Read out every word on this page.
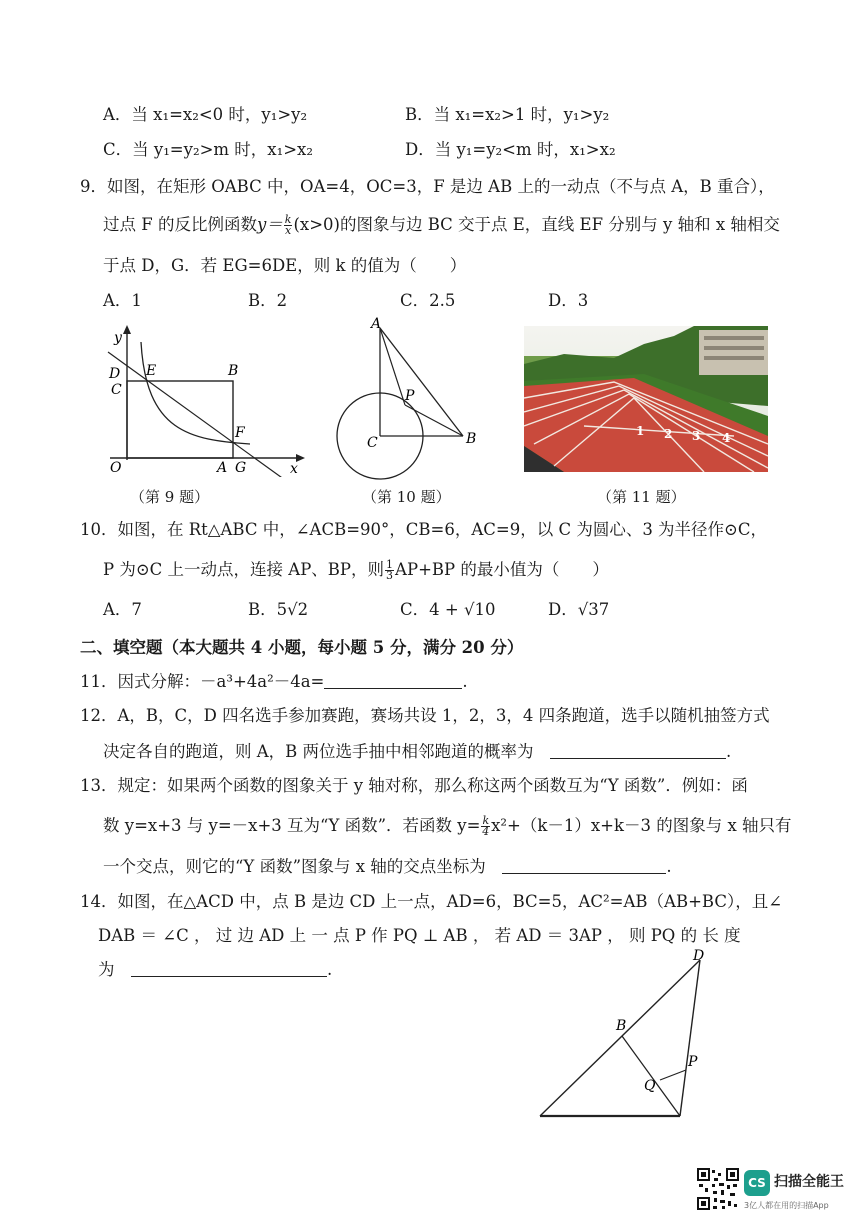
A．当 x₁=x₂<0 时，y₁>y₂	B．当 x₁=x₂>1 时，y₁>y₂
C．当 y₁=y₂>m 时，x₁>x₂	D．当 y₁=y₂<m 时，x₁>x₂
9．如图，在矩形 OABC 中，OA=4，OC=3，F 是边 AB 上的一动点（不与点 A，B 重合），
过点 F 的反比例函数$y= \frac{k}{x} (x>0)$的图象与边 BC 交于点 E，直线 EF 分别与 y 轴和 x 轴相交
于点 D，G．若 EG=6DE，则 k 的值为（　　）
A．1	B．2	C．2.5	D．3
y
x
D
C
E	B
F
O	A G
（第 9 题）
A
P
C	B
（第 10 题）
1 2 3 4
（第 11 题）
10．如图，在 Rt△ABC 中，∠ACB=90°，CB=6，AC=9，以 C 为圆心、3 为半径作⊙C，
P 为⊙C 上一动点，连接 AP、BP，则 $\frac{1}{3} AP+BP$ 的最小值为（　　）
A．7	B．5√2	C．4 + √10	D．√37
二、填空题（本大题共 4 小题，每小题 5 分，满分 20 分）
11．因式分解：－a³+4a²－4a=	.
12．A，B，C，D 四名选手参加赛跑，赛场共设 1，2，3，4 四条跑道，选手以随机抽签方式
决定各自的跑道，则 A，B 两位选手抽中相邻跑道的概率为　	.
13．规定：如果两个函数的图象关于 y 轴对称，那么称这两个函数互为“Y 函数”．例如：函
数 y=x+3 与 y=－x+3 互为“Y 函数”．若函数 $y= \frac{k}{4} x^2+(k-1)x+k-3$ 的图象与 x 轴只有
一个交点，则它的“Y 函数”图象与 x 轴的交点坐标为　	.
14．如图，在△ACD 中，点 B 是边 CD 上一点，AD=6，BC=5，AC²=AB（AB+BC），且∠
DAB ＝ ∠C ， 过 边 AD 上 一 点 P 作 PQ ⊥ AB ， 若 AD ＝ 3AP ， 则 PQ 的 长 度
为　	.
D
B
P
Q
CS 扫描全能王
3亿人都在用的扫描App
